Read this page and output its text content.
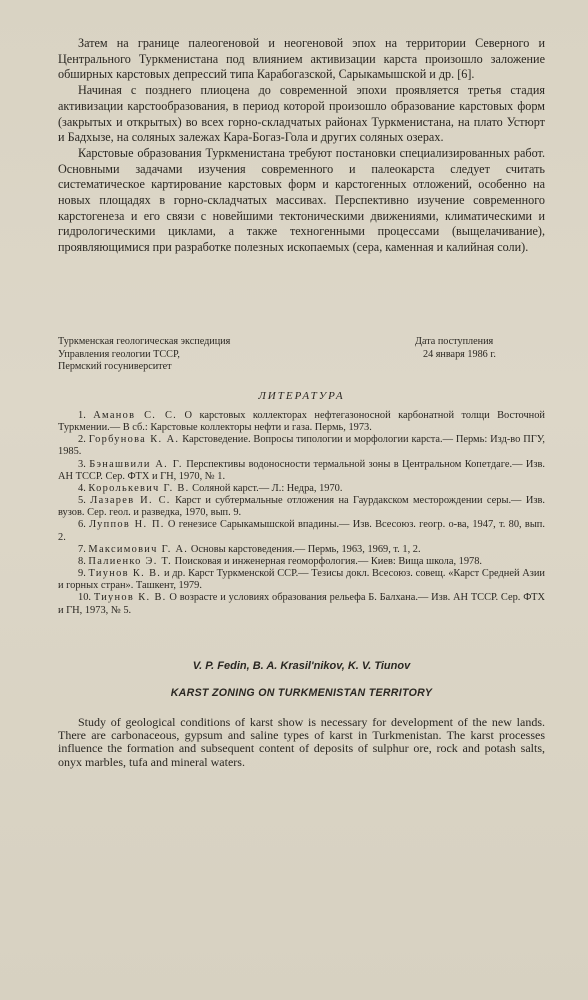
Затем на границе палеогеновой и неогеновой эпох на территории Северного и Центрального Туркменистана под влиянием активизации карста произошло заложение обширных карстовых депрессий типа Карабогазской, Сарыкамышской и др. [6].

Начиная с позднего плиоцена до современной эпохи проявляется третья стадия активизации карстообразования, в период которой произошло образование карстовых форм (закрытых и открытых) во всех горно-складчатых районах Туркменистана, на плато Устюрт и Бадхызе, на соляных залежах Кара-Богаз-Гола и других соляных озерах.

Карстовые образования Туркменистана требуют постановки специализированных работ. Основными задачами изучения современного и палеокарста следует считать систематическое картирование карстовых форм и карстогенных отложений, особенно на новых площадях в горно-складчатых массивах. Перспективно изучение современного карстогенеза и его связи с новейшими тектоническими движениями, климатическими и гидрологическими циклами, а также техногенными процессами (выщелачивание), проявляющимися при разработке полезных ископаемых (сера, каменная и калийная соли).

Туркменская геологическая экспедиция
Управления геологии ТССР,
Пермский госуниверситет
Дата поступления
24 января 1986 г.
ЛИТЕРАТУРА

1. Аманов С. С. О карстовых коллекторах нефтегазоносной карбонатной толщи Восточной Туркмении.— В сб.: Карстовые коллекторы нефти и газа. Пермь, 1973.

2. Горбунова К. А. Карстоведение. Вопросы типологии и морфологии карста.— Пермь: Изд-во ПГУ, 1985.

3. Бэнашвили А. Г. Перспективы водоносности термальной зоны в Центральном Копетдаге.— Изв. АН ТССР. Сер. ФТХ и ГН, 1970, № 1.

4. Королькевич Г. В. Соляной карст.— Л.: Недра, 1970.

5. Лазарев И. С. Карст и субтермальные отложения на Гаурдакском месторождении серы.— Изв. вузов. Сер. геол. и разведка, 1970, вып. 9.

6. Луппов Н. П. О генезисе Сарыкамышской впадины.— Изв. Всесоюз. геогр. о-ва, 1947, т. 80, вып. 2.

7. Максимович Г. А. Основы карстоведения.— Пермь, 1963, 1969, т. 1, 2.

8. Палиенко Э. Т. Поисковая и инженерная геоморфология.— Киев: Вища школа, 1978.

9. Тиунов К. В. и др. Карст Туркменской ССР.— Тезисы докл. Всесоюз. совещ. «Карст Средней Азии и горных стран». Ташкент, 1979.

10. Тиунов К. В. О возрасте и условиях образования рельефа Б. Балхана.— Изв. АН ТССР. Сер. ФТХ и ГН, 1973, № 5.

V. P. Fedin, B. A. Krasil'nikov, K. V. Tiunov
KARST ZONING ON TURKMENISTAN TERRITORY

Study of geological conditions of karst show is necessary for development of the new lands. There are carbonaceous, gypsum and saline types of karst in Turkmenistan. The karst processes influence the formation and subsequent content of deposits of sulphur ore, rock and potash salts, onyx marbles, tufa and mineral waters.
